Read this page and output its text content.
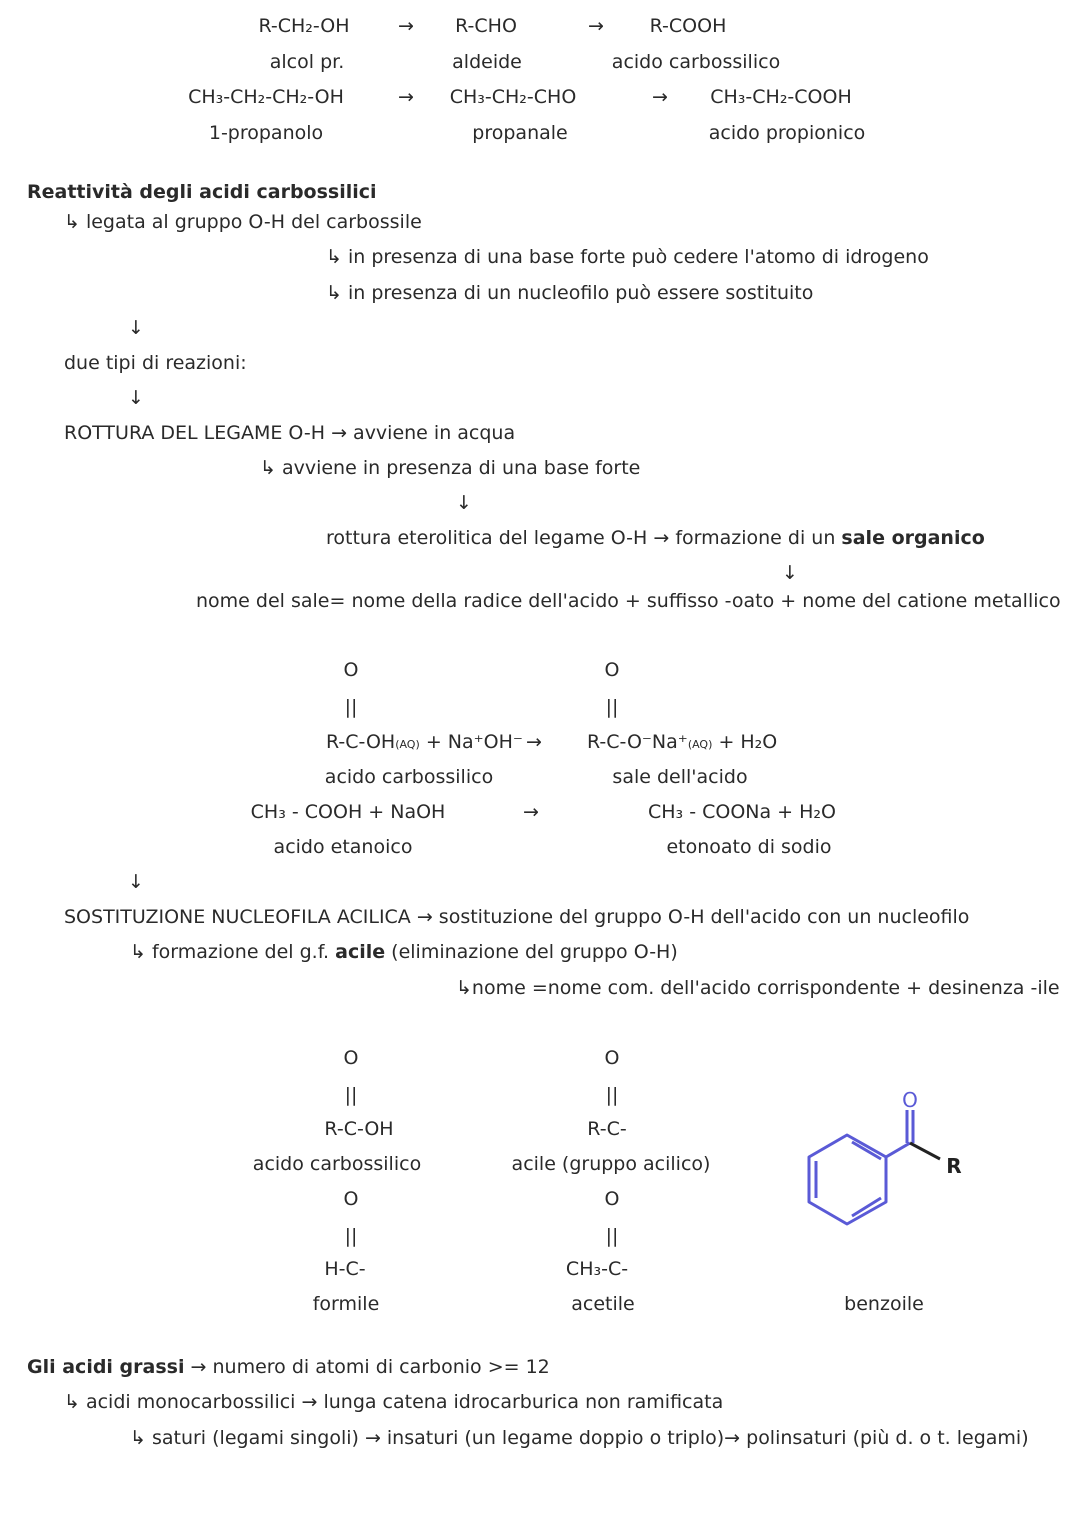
R-CH₂-OH	→ R-CHO	→ R-COOH
alcol pr.	aldeide	acido carbossilico
CH₃-CH₂-CH₂-OH	→ CH₃-CH₂-CHO	→ CH₃-CH₂-COOH
1-propanolo	propanale	acido propionico
Reattività degli acidi carbossilici
↳ legata al gruppo O-H del carbossile
↳ in presenza di una base forte può cedere l'atomo di idrogeno
↳ in presenza di un nucleofilo può essere sostituito
↓
due tipi di reazioni:
↓
ROTTURA DEL LEGAME O-H → avviene in acqua
↳ avviene in presenza di una base forte
↓
rottura eterolitica del legame O-H → formazione di un sale organico
↓
nome del sale= nome della radice dell'acido + suffisso -oato + nome del catione metallico
O	O
||	||
R-C-OH(AQ) + Na⁺OH⁻ → R-C-O⁻Na⁺(AQ) + H₂O
acido carbossilico	sale dell'acido
CH₃ - COOH + NaOH	→	CH₃ - COONa + H₂O
acido etanoico	etonoato di sodio
↓
SOSTITUZIONE NUCLEOFILA ACILICA → sostituzione del gruppo O-H dell'acido con un nucleofilo
↳ formazione del g.f. acile (eliminazione del gruppo O-H)
↳nome =nome com. dell'acido corrispondente + desinenza -ile
O	O
||	||
R-C-OH	R-C-
acido carbossilico	acile (gruppo acilico)
O	O
||	||
H-C-	CH₃-C-
formile	acetile	benzoile
O
R
Gli acidi grassi → numero di atomi di carbonio >= 12
↳ acidi monocarbossilici → lunga catena idrocarburica non ramificata
↳ saturi (legami singoli) → insaturi (un legame doppio o triplo)→ polinsaturi (più d. o t. legami)
